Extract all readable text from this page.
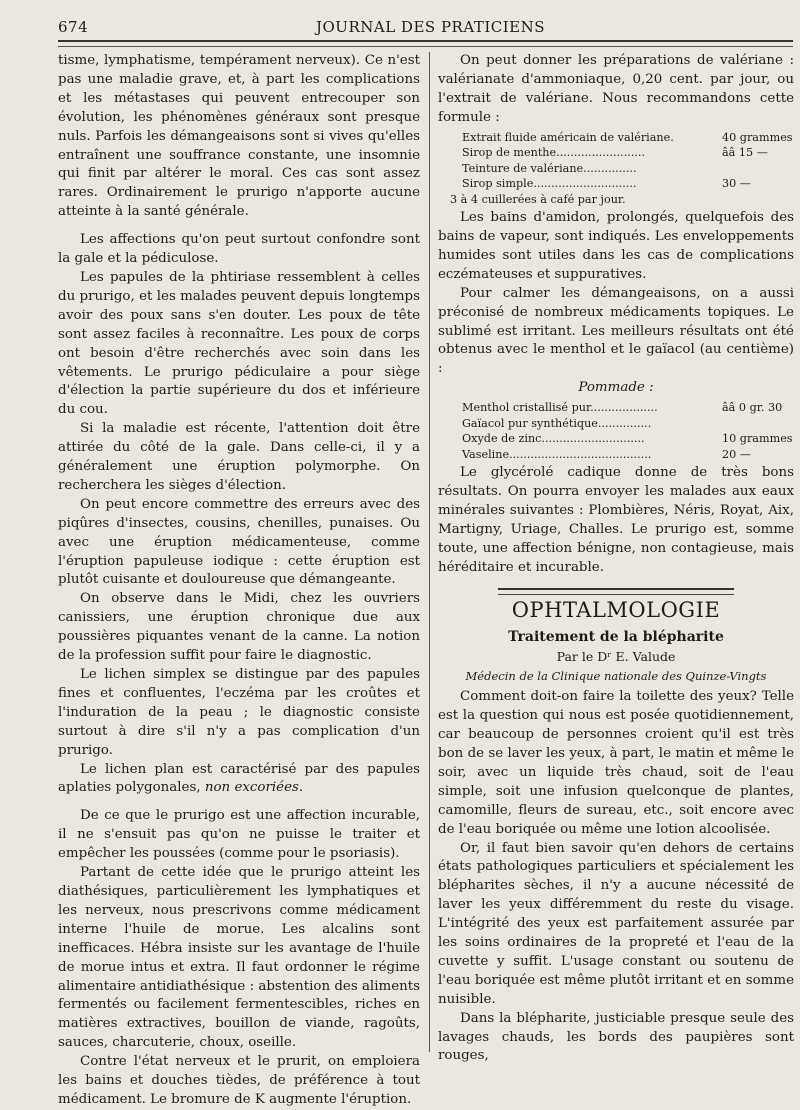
674	JOURNAL DES PRATICIENS

tisme, lymphatisme, tempérament nerveux). Ce n'est pas une maladie grave, et, à part les complications et les métastases qui peuvent entrecouper son évolution, les phénomènes généraux sont presque nuls. Parfois les démangeaisons sont si vives qu'elles entraînent une souffrance constante, une insomnie qui finit par altérer le moral. Ces cas sont assez rares. Ordinairement le prurigo n'apporte aucune atteinte à la santé générale.

Les affections qu'on peut surtout confondre sont la gale et la pédiculose.

Les papules de la phtiriase ressemblent à celles du prurigo, et les malades peuvent depuis longtemps avoir des poux sans s'en douter. Les poux de tête sont assez faciles à reconnaître. Les poux de corps ont besoin d'être recherchés avec soin dans les vêtements. Le prurigo pédiculaire a pour siège d'élection la partie supérieure du dos et inférieure du cou.

Si la maladie est récente, l'attention doit être attirée du côté de la gale. Dans celle-ci, il y a généralement une éruption polymorphe. On recherchera les sièges d'élection.

On peut encore commettre des erreurs avec des piqûres d'insectes, cousins, chenilles, punaises. Ou avec une éruption médicamenteuse, comme l'éruption papuleuse iodique : cette éruption est plutôt cuisante et douloureuse que démangeante.

On observe dans le Midi, chez les ouvriers canissiers, une éruption chronique due aux poussières piquantes venant de la canne. La notion de la profession suffit pour faire le diagnostic.

Le lichen simplex se distingue par des papules fines et confluentes, l'eczéma par les croûtes et l'induration de la peau ; le diagnostic consiste surtout à dire s'il n'y a pas complication d'un prurigo.

Le lichen plan est caractérisé par des papules aplaties polygonales, non excoriées.

De ce que le prurigo est une affection incurable, il ne s'ensuit pas qu'on ne puisse le traiter et empêcher les poussées (comme pour le psoriasis).

Partant de cette idée que le prurigo atteint les diathésiques, particulièrement les lymphatiques et les nerveux, nous prescrivons comme médicament interne l'huile de morue. Les alcalins sont inefficaces. Hébra insiste sur les avantage de l'huile de morue intus et extra. Il faut ordonner le régime alimentaire antidiathésique : abstention des aliments fermentés ou facilement fermentescibles, riches en matières extractives, bouillon de viande, ragoûts, sauces, charcuterie, choux, oseille.

Contre l'état nerveux et le prurit, on emploiera les bains et douches tièdes, de préférence à tout médicament. Le bromure de K augmente l'éruption.

On peut donner les préparations de valériane : valérianate d'ammoniaque, 0,20 cent. par jour, ou l'extrait de valériane. Nous recommandons cette formule :

Extrait fluide américain de valériane.	40 grammes
Sirop de menthe.........................	ââ 15 —
Teinture de valériane...............
Sirop simple.............................	30 —
3 à 4 cuillerées à café par jour.

Les bains d'amidon, prolongés, quelquefois des bains de vapeur, sont indiqués. Les enveloppements humides sont utiles dans les cas de complications eczémateuses et suppuratives.

Pour calmer les démangeaisons, on a aussi préconisé de nombreux médicaments topiques. Le sublimé est irritant. Les meilleurs résultats ont été obtenus avec le menthol et le gaïacol (au centième) :

Pommade :

Menthol cristallisé pur...................	ââ 0 gr. 30
Gaïacol pur synthétique...............
Oxyde de zinc.............................	10 grammes
Vaseline........................................	20 —

Le glycérolé cadique donne de très bons résultats. On pourra envoyer les malades aux eaux minérales suivantes : Plombières, Néris, Royat, Aix, Martigny, Uriage, Challes. Le prurigo est, somme toute, une affection bénigne, non contagieuse, mais héréditaire et incurable.

OPHTALMOLOGIE
Traitement de la blépharite
Par le Dʳ E. Valude
Médecin de la Clinique nationale des Quinze-Vingts

Comment doit-on faire la toilette des yeux? Telle est la question qui nous est posée quotidiennement, car beaucoup de personnes croient qu'il est très bon de se laver les yeux, à part, le matin et même le soir, avec un liquide très chaud, soit de l'eau simple, soit une infusion quelconque de plantes, camomille, fleurs de sureau, etc., soit encore avec de l'eau boriquée ou même une lotion alcoolisée.

Or, il faut bien savoir qu'en dehors de certains états pathologiques particuliers et spécialement les blépharites sèches, il n'y a aucune nécessité de laver les yeux différemment du reste du visage. L'intégrité des yeux est parfaitement assurée par les soins ordinaires de la propreté et l'eau de la cuvette y suffit. L'usage constant ou soutenu de l'eau boriquée est même plutôt irritant et en somme nuisible.

Dans la blépharite, justiciable presque seule des lavages chauds, les bords des paupières sont rouges,
